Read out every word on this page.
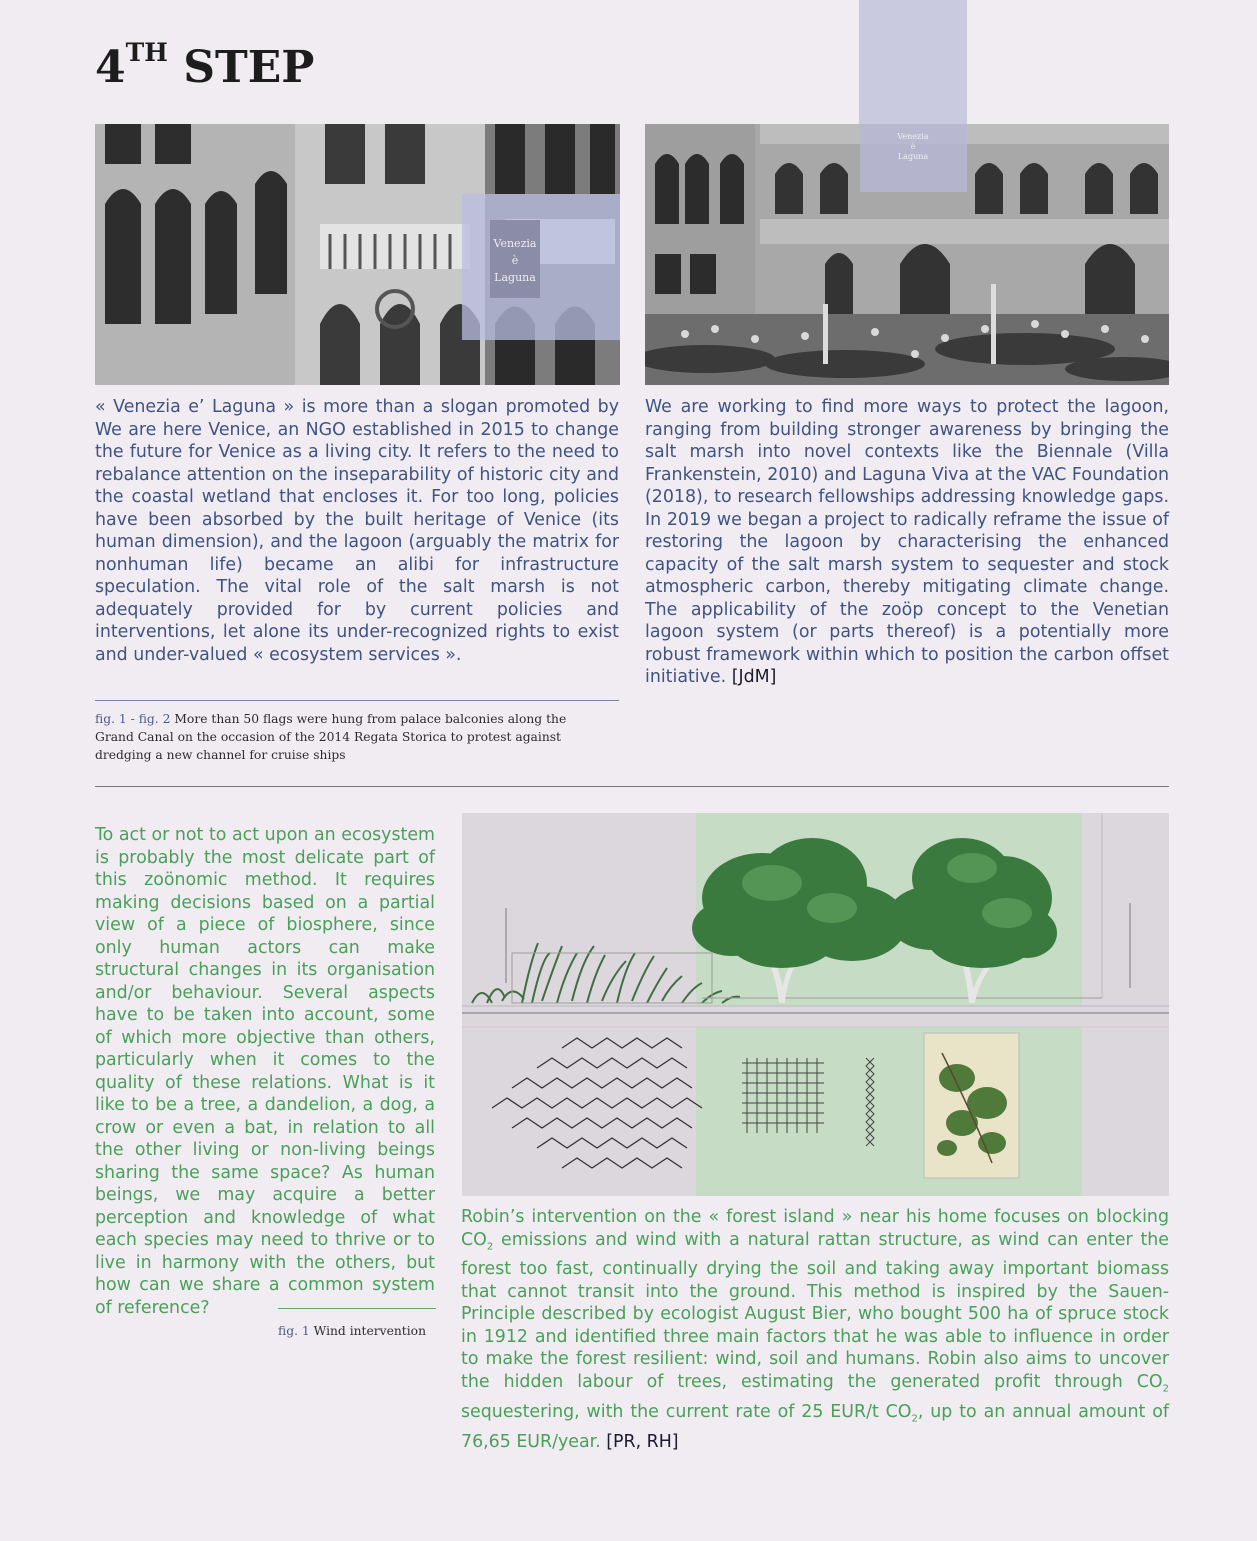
4TH STEP
Venezia
è
Laguna
Venezia
è
Laguna

« Venezia e’ Laguna » is more than a slogan promoted by We are here Venice, an NGO established in 2015 to change the future for Venice as a living city. It refers to the need to rebalance attention on the inseparability of historic city and the coastal wetland that encloses it. For too long, policies have been absorbed by the built heritage of Venice (its human dimension), and the lagoon (arguably the matrix for nonhuman life) became an alibi for infrastructure speculation. The vital role of the salt marsh is not adequately provided for by current policies and interventions, let alone its under-recognized rights to exist and under-valued « ecosystem services ».

We are working to find more ways to protect the lagoon, ranging from building stronger awareness by bringing the salt marsh into novel contexts like the Biennale (Villa Frankenstein, 2010) and Laguna Viva at the VAC Foundation (2018), to research fellowships addressing knowledge gaps. In 2019 we began a project to radically reframe the issue of restoring the lagoon by characterising the enhanced capacity of the salt marsh system to sequester and stock atmospheric carbon, thereby mitigating climate change. The applicability of the zoöp concept to the Venetian lagoon system (or parts thereof) is a potentially more robust framework within which to position the carbon offset initiative. [JdM]

fig. 1 - fig. 2 More than 50 flags were hung from palace balconies along the Grand Canal on the occasion of the 2014 Regata Storica to protest against dredging a new channel for cruise ships

To act or not to act upon an ecosystem is probably the most delicate part of this zoönomic method. It requires making decisions based on a partial view of a piece of biosphere, since only human actors can make structural changes in its organisation and/or behaviour. Several aspects have to be taken into account, some of which more objective than others, particularly when it comes to the quality of these relations. What is it like to be a tree, a dandelion, a dog, a crow or even a bat, in relation to all the other living or non-living beings sharing the same space? As human beings, we may acquire a better perception and knowledge of what each species may need to thrive or to live in harmony with the others, but how can we share a common system of reference?

fig. 1 Wind intervention

Robin’s intervention on the « forest island » near his home focuses on blocking $CO_2$ emissions and wind with a natural rattan structure, as wind can enter the forest too fast, continually drying the soil and taking away important biomass that cannot transit into the ground. This method is inspired by the Sauen-Principle described by ecologist August Bier, who bought 500 ha of spruce stock in 1912 and identified three main factors that he was able to influence in order to make the forest resilient: wind, soil and humans. Robin also aims to uncover the hidden labour of trees, estimating the generated profit through $CO_2$ sequestering, with the current rate of 25 EUR/t $CO_2$, up to an annual amount of 76,65 EUR/year. [PR, RH]
